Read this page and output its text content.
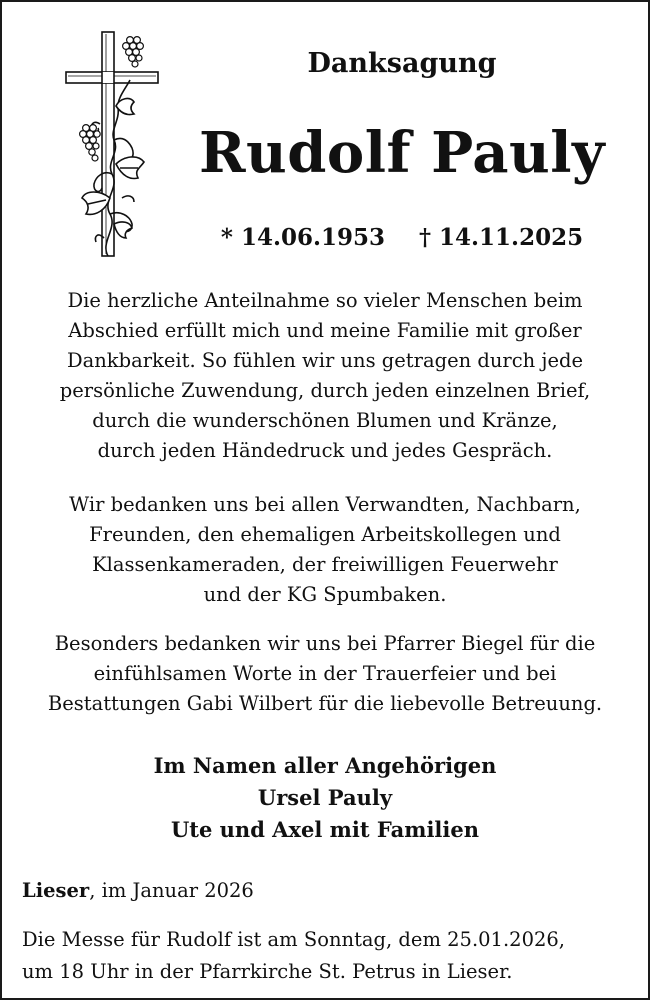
Danksagung
Rudolf Pauly
* 14.06.1953 † 14.11.2025

Die herzliche Anteilnahme so vieler Menschen beim
Abschied erfüllt mich und meine Familie mit großer
Dankbarkeit. So fühlen wir uns getragen durch jede
persönliche Zuwendung, durch jeden einzelnen Brief,
durch die wunderschönen Blumen und Kränze,
durch jeden Händedruck und jedes Gespräch.

Wir bedanken uns bei allen Verwandten, Nachbarn,
Freunden, den ehemaligen Arbeitskollegen und
Klassenkameraden, der freiwilligen Feuerwehr
und der KG Spumbaken.

Besonders bedanken wir uns bei Pfarrer Biegel für die
einfühlsamen Worte in der Trauerfeier und bei
Bestattungen Gabi Wilbert für die liebevolle Betreuung.

Im Namen aller Angehörigen
Ursel Pauly
Ute und Axel mit Familien
Lieser, im Januar 2026

Die Messe für Rudolf ist am Sonntag, dem 25.01.2026,
um 18 Uhr in der Pfarrkirche St. Petrus in Lieser.
